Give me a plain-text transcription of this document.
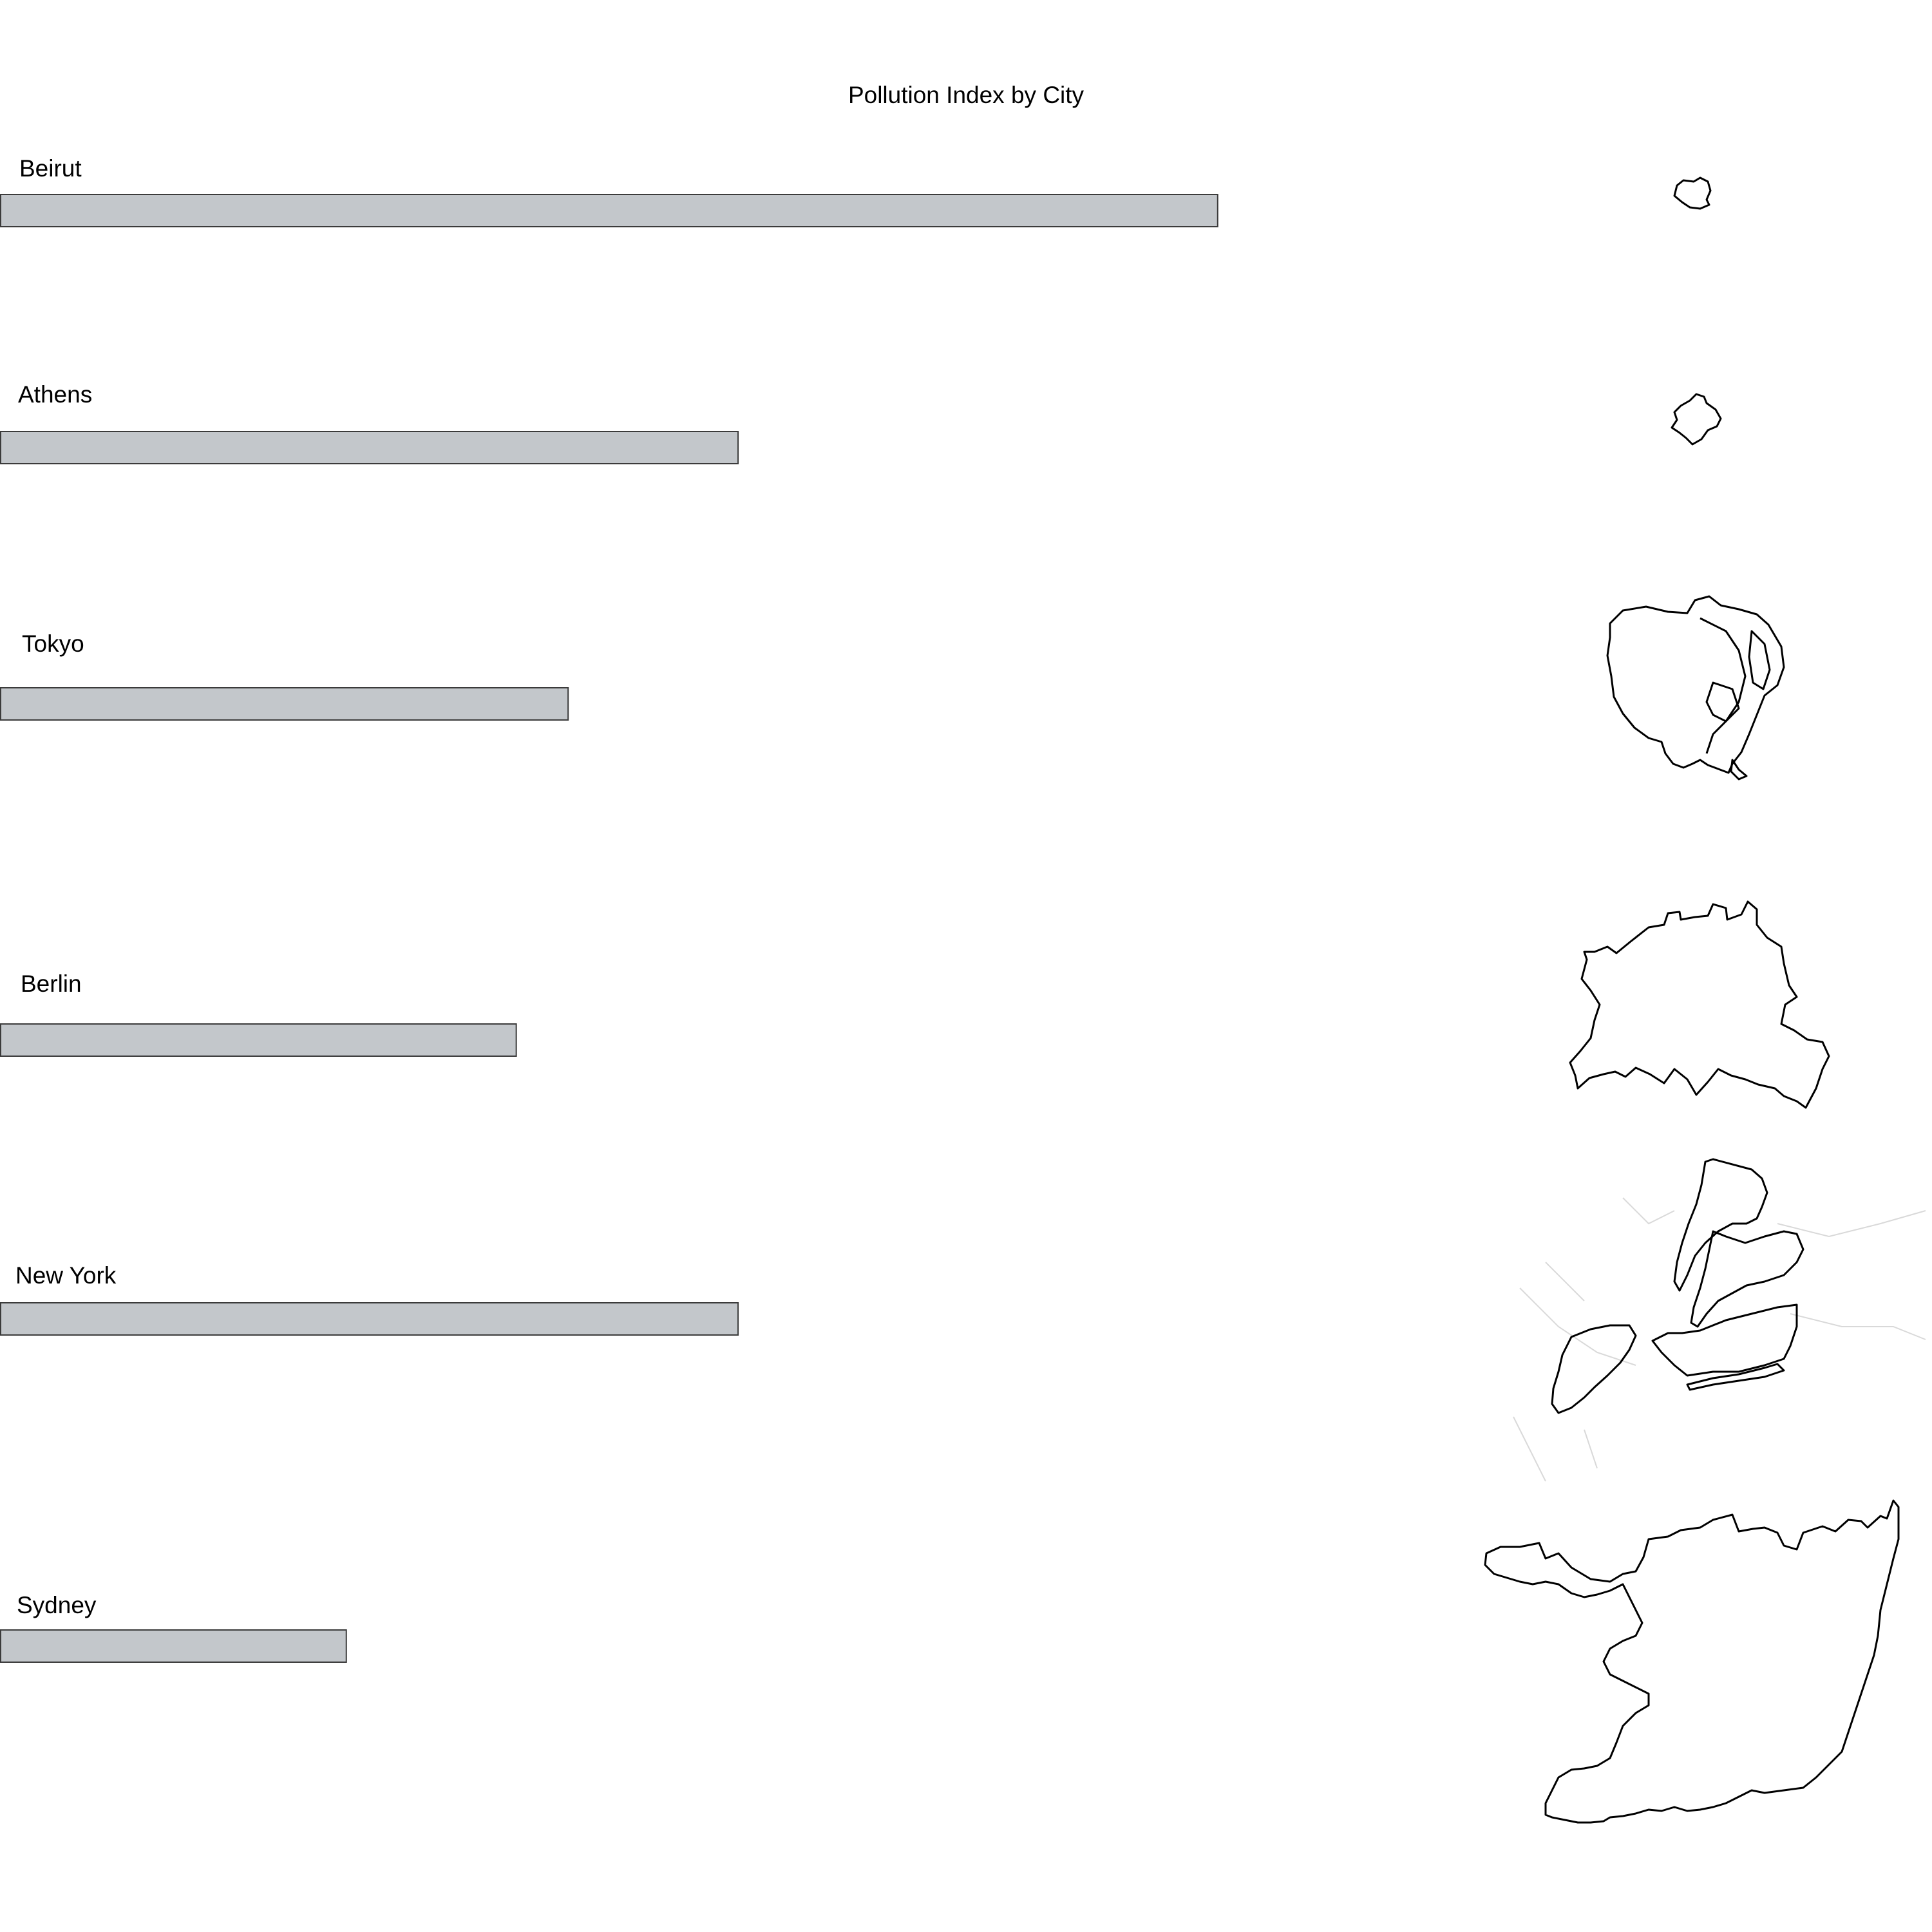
Pollution Index by City
Beirut
Athens
Tokyo
Berlin
New York
Sydney
